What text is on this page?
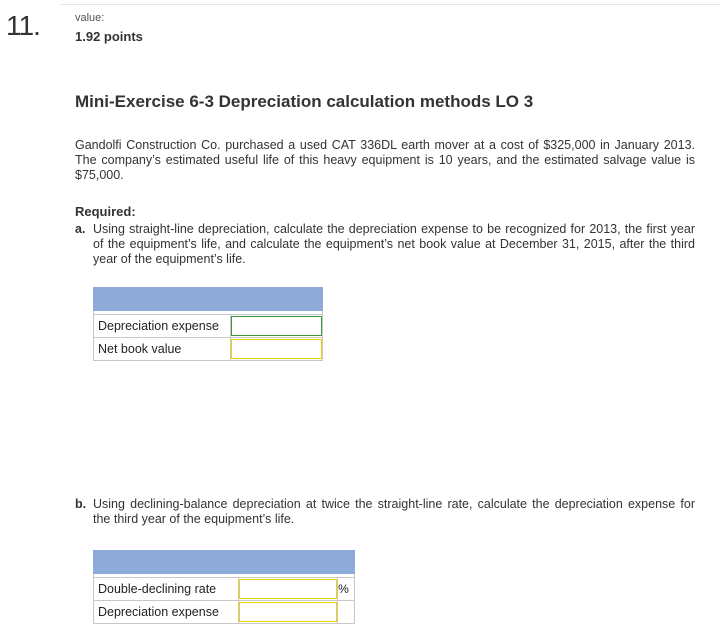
11.	value:
1.92 points
Mini-Exercise 6-3 Depreciation calculation methods LO 3
Gandolfi Construction Co. purchased a used CAT 336DL earth mover at a cost of $325,000 in January 2013. The company’s estimated useful life of this heavy equipment is 10 years, and the estimated salvage value is $75,000.
Required:
a. Using straight-line depreciation, calculate the depreciation expense to be recognized for 2013, the first year of the equipment’s life, and calculate the equipment’s net book value at December 31, 2015, after the third year of the equipment’s life.

Depreciation expense	
Net book value	
b. Using declining-balance depreciation at twice the straight-line rate, calculate the depreciation expense for the third year of the equipment’s life.

Double-declining rate		%
Depreciation expense		
